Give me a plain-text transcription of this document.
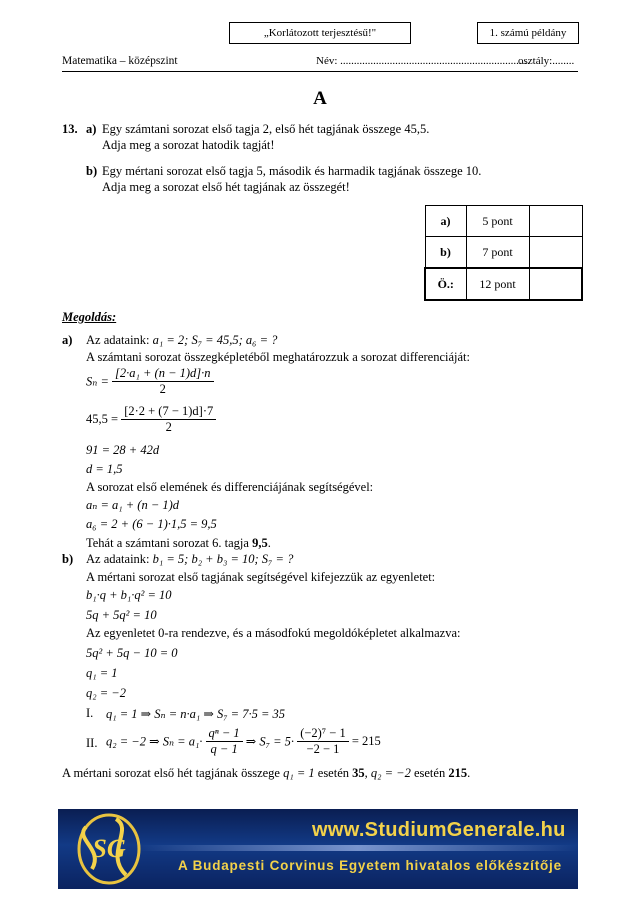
„Korlátozott terjesztésű!"	1. számú példány
Matematika – középszint	Név: .....................................................................
osztály:........
A
13. a) Egy számtani sorozat első tagja 2, első hét tagjának összege 45,5.
Adja meg a sorozat hatodik tagját!
b) Egy mértani sorozat első tagja 5, második és harmadik tagjának összege 10.
Adja meg a sorozat első hét tagjának az összegét!
a)	5 pont	
b)	7 pont	
Ö.:	12 pont	
Megoldás:
a) Az adataink: a₁ = 2; S₇ = 45,5; a₆ = ?
A számtani sorozat összegképletéből meghatározzuk a sorozat differenciáját:
$S_n = \frac{\text{[2·a₁ + (n − 1)d]·n}}{2}$
$45,5 = \frac{[2\cdot 2 + (7 - 1)d]\cdot 7}{2}$
91 = 28 + 42d
d = 1,5
A sorozat első elemének és differenciájának segítségével:
aₙ = a₁ + (n − 1)d
a₆ = 2 + (6 − 1)·1,5 = 9,5
Tehát a számtani sorozat 6. tagja 9,5.
b) Az adataink: b₁ = 5; b₂ + b₃ = 10; S₇ = ?
A mértani sorozat első tagjának segítségével kifejezzük az egyenletet:
b₁·q + b₁·q² = 10
5q + 5q² = 10
Az egyenletet 0-ra rendezve, és a másodfokú megoldóképletet alkalmazva:
5q² + 5q − 10 = 0
q₁ = 1
q₂ = −2
I. q₁ = 1 ⇒ Sₙ = n·a₁ ⇒ S₇ = 7·5 = 35
II. q₂ = −2 ⇒ $S_n = a_1\cdot \frac{\text{qⁿ − 1}}{q - 1}$ ⇒ $S_7 = 5\cdot \frac{\text{(−2)⁷ − 1}}{-2 - 1} = 215$
A mértani sorozat első hét tagjának összege q₁ = 1 esetén 35, q₂ = −2 esetén 215.
SG
www.StudiumGenerale.hu
A Budapesti Corvinus Egyetem hivatalos előkészítője
